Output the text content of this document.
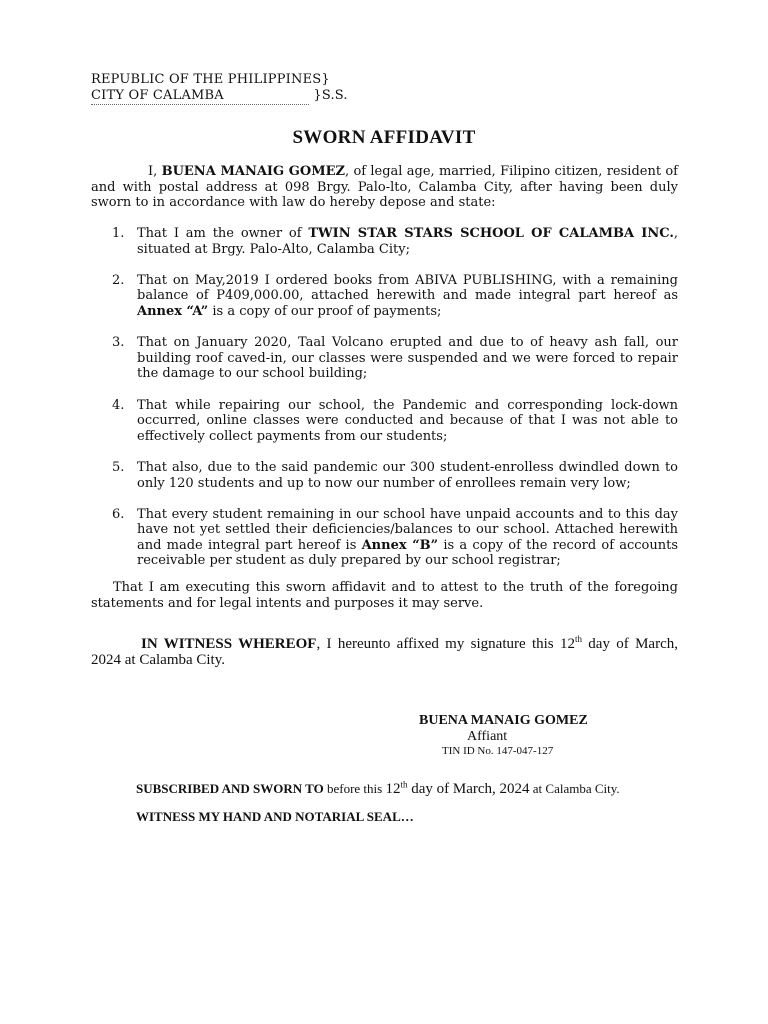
REPUBLIC OF THE PHILIPPINES}
CITY OF CALAMBA	}S.S.
SWORN AFFIDAVIT

I, BUENA MANAIG GOMEZ, of legal age, married, Filipino citizen, resident of and with postal address at 098 Brgy. Palo-lto, Calamba City, after having been duly sworn to in accordance with law do hereby depose and state:

1. That I am the owner of TWIN STAR STARS SCHOOL OF CALAMBA INC., situated at Brgy. Palo-Alto, Calamba City;
2. That on May,2019 I ordered books from ABIVA PUBLISHING, with a remaining balance of P409,000.00, attached herewith and made integral part hereof as Annex “A” is a copy of our proof of payments;
3. That on January 2020, Taal Volcano erupted and due to of heavy ash fall, our building roof caved-in, our classes were suspended and we were forced to repair the damage to our school building;
4. That while repairing our school, the Pandemic and corresponding lock-down occurred, online classes were conducted and because of that I was not able to effectively collect payments from our students;
5. That also, due to the said pandemic our 300 student-enrolless dwindled down to only 120 students and up to now our number of enrollees remain very low;
6. That every student remaining in our school have unpaid accounts and to this day have not yet settled their deficiencies/balances to our school. Attached herewith and made integral part hereof is Annex “B” is a copy of the record of accounts receivable per student as duly prepared by our school registrar;

That I am executing this sworn affidavit and to attest to the truth of the foregoing statements and for legal intents and purposes it may serve.

IN WITNESS WHEREOF, I hereunto affixed my signature this 12th day of March, 2024 at Calamba City.

BUENA MANAIG GOMEZ
Affiant
TIN ID No. 147-047-127
SUBSCRIBED AND SWORN TO before this 12th day of March, 2024 at Calamba City.
WITNESS MY HAND AND NOTARIAL SEAL…
